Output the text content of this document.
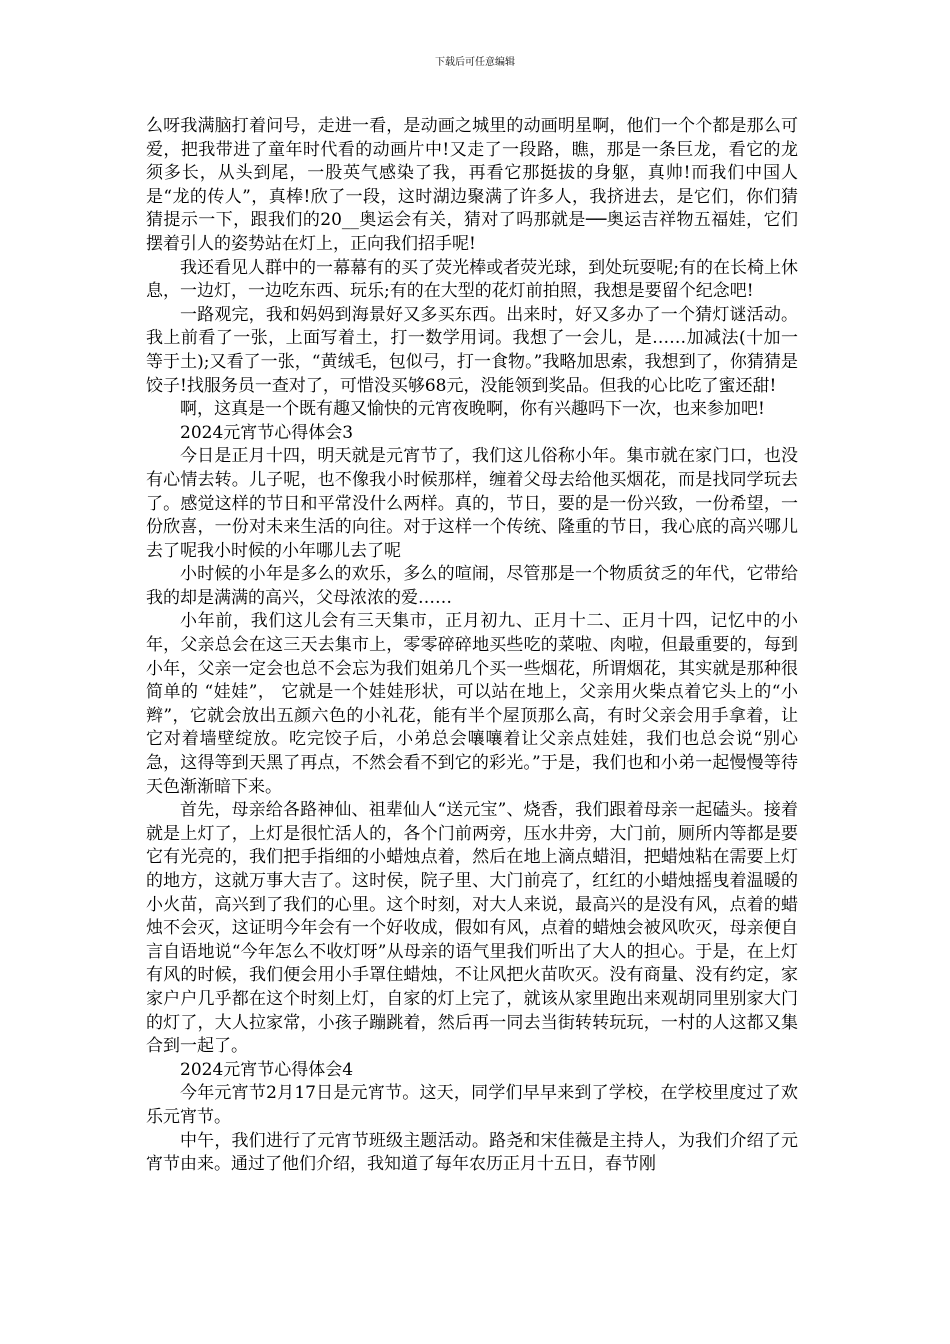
下载后可任意编辑

么呀我满脑打着问号，走进一看，是动画之城里的动画明星啊，他们一个个都是那么可爱，把我带进了童年时代看的动画片中!又走了一段路，瞧，那是一条巨龙，看它的龙须多长，从头到尾，一股英气感染了我，再看它那挺拔的身躯，真帅!而我们中国人是“龙的传人”，真棒!欣了一段，这时湖边聚满了许多人，我挤进去，是它们，你们猜猜提示一下，跟我们的20__奥运会有关，猜对了吗那就是──奥运吉祥物五福娃，它们摆着引人的姿势站在灯上，正向我们招手呢!

我还看见人群中的一幕幕有的买了荧光棒或者荧光球，到处玩耍呢;有的在长椅上休息，一边灯，一边吃东西、玩乐;有的在大型的花灯前拍照，我想是要留个纪念吧!

一路观完，我和妈妈到海景好又多买东西。出来时，好又多办了一个猜灯谜活动。我上前看了一张，上面写着土，打一数学用词。我想了一会儿，是……加减法(十加一 等于土);又看了一张，“黄绒毛，包似弓，打一食物。”我略加思索，我想到了，你猜猜是饺子!找服务员一查对了，可惜没买够68元，没能领到奖品。但我的心比吃了蜜还甜!

啊，这真是一个既有趣又愉快的元宵夜晚啊，你有兴趣吗下一次，也来参加吧!

2024元宵节心得体会3

今日是正月十四，明天就是元宵节了，我们这儿俗称小年。集市就在家门口，也没有心情去转。儿子呢，也不像我小时候那样，缠着父母去给他买烟花，而是找同学玩去了。感觉这样的节日和平常没什么两样。真的，节日，要的是一份兴致，一份希望，一份欣喜，一份对未来生活的向往。对于这样一个传统、隆重的节日，我心底的高兴哪儿去了呢我小时候的小年哪儿去了呢

小时候的小年是多么的欢乐，多么的喧闹，尽管那是一个物质贫乏的年代，它带给我的却是满满的高兴，父母浓浓的爱……

小年前，我们这儿会有三天集市，正月初九、正月十二、正月十四，记忆中的小年，父亲总会在这三天去集市上，零零碎碎地买些吃的菜啦、肉啦，但最重要的，每到小年，父亲一定会也总不会忘为我们姐弟几个买一些烟花，所谓烟花，其实就是那种很简单的 “娃娃”， 它就是一个娃娃形状，可以站在地上，父亲用火柴点着它头上的“小辫”，它就会放出五颜六色的小礼花，能有半个屋顶那么高，有时父亲会用手拿着，让它对着墙壁绽放。吃完饺子后，小弟总会嚷嚷着让父亲点娃娃，我们也总会说“别心急，这得等到天黑了再点，不然会看不到它的彩光。”于是，我们也和小弟一起慢慢等待天色渐渐暗下来。

首先，母亲给各路神仙、祖辈仙人“送元宝”、烧香，我们跟着母亲一起磕头。接着就是上灯了，上灯是很忙活人的，各个门前两旁，压水井旁，大门前，厕所内等都是要它有光亮的，我们把手指细的小蜡烛点着，然后在地上滴点蜡泪，把蜡烛粘在需要上灯的地方，这就万事大吉了。这时侯，院子里、大门前亮了，红红的小蜡烛摇曳着温暖的小火苗，高兴到了我们的心里。这个时刻，对大人来说，最高兴的是没有风，点着的蜡烛不会灭，这证明今年会有一个好收成，假如有风，点着的蜡烛会被风吹灭，母亲便自言自语地说“今年怎么不收灯呀”从母亲的语气里我们听出了大人的担心。于是，在上灯有风的时候，我们便会用小手罩住蜡烛，不让风把火苗吹灭。没有商量、没有约定，家家户户几乎都在这个时刻上灯，自家的灯上完了，就该从家里跑出来观胡同里别家大门的灯了，大人拉家常，小孩子蹦跳着，然后再一同去当街转转玩玩，一村的人这都又集合到一起了。

2024元宵节心得体会4

今年元宵节2月17日是元宵节。这天，同学们早早来到了学校，在学校里度过了欢乐元宵节。

中午，我们进行了元宵节班级主题活动。路尧和宋佳薇是主持人，为我们介绍了元宵节由来。通过了他们介绍，我知道了每年农历正月十五日，春节刚
